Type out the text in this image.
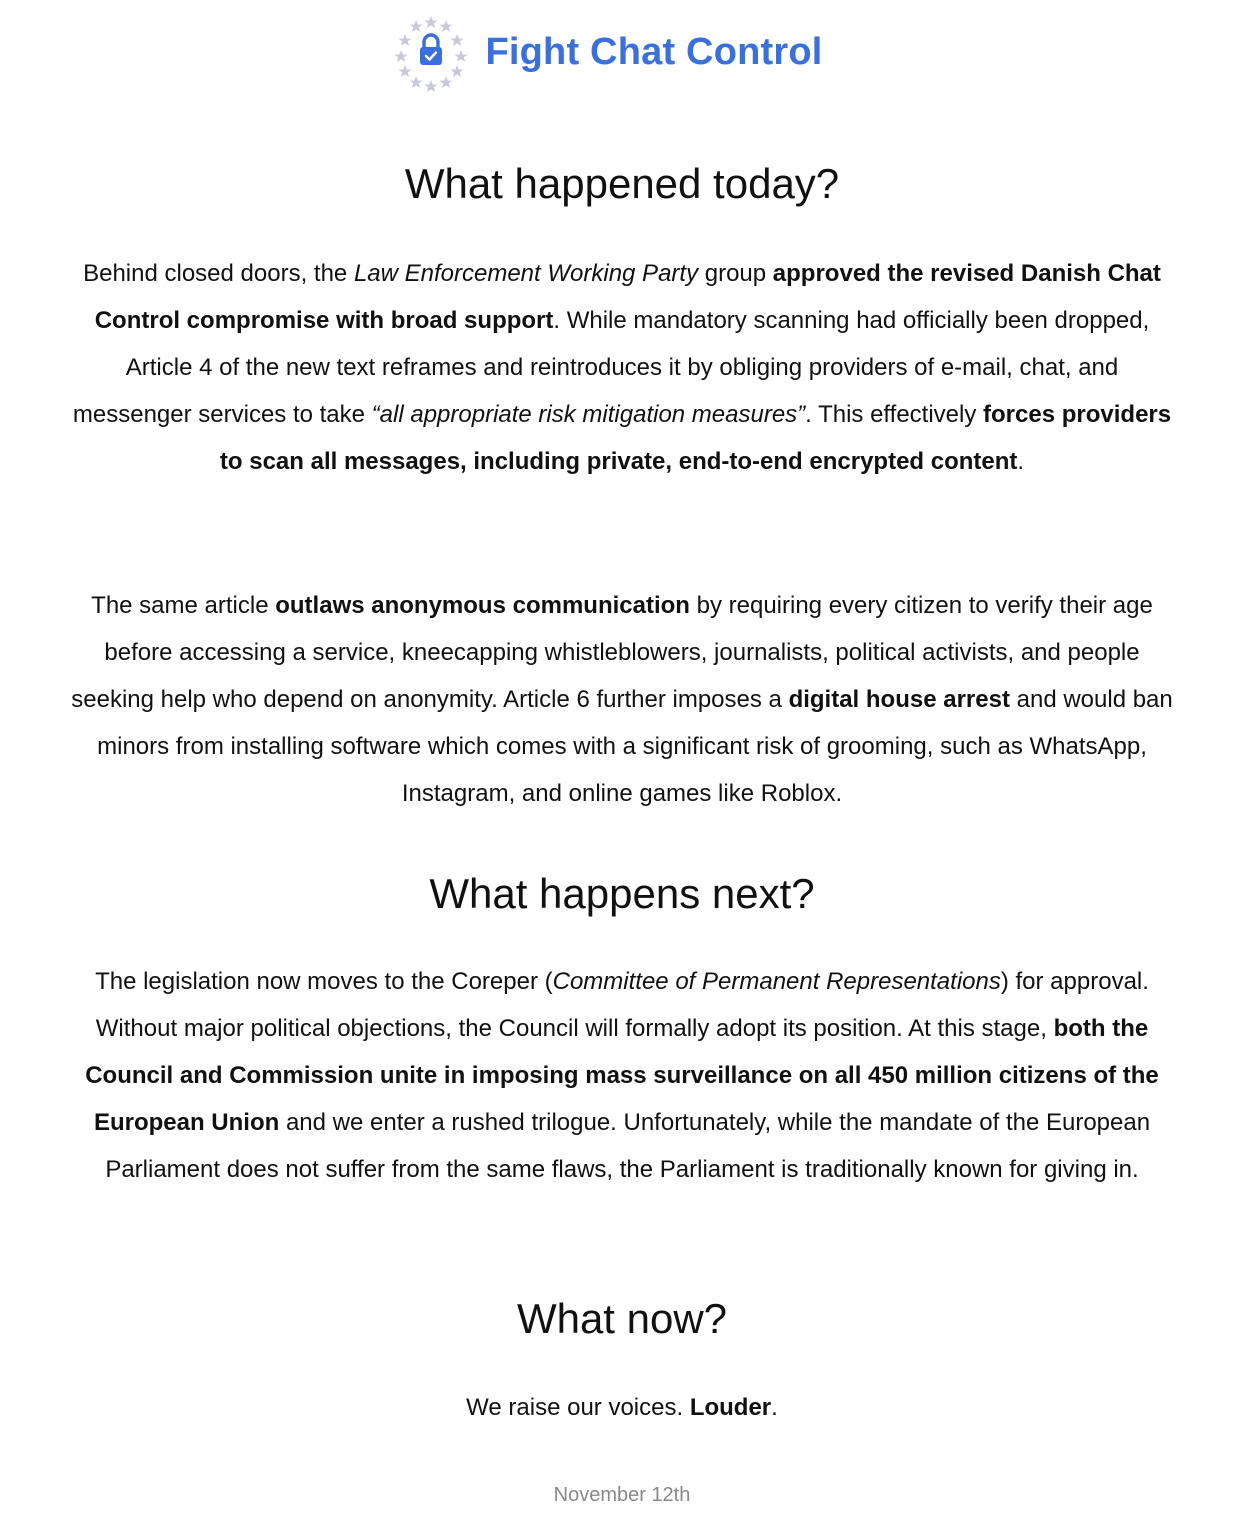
Fight Chat Control
What happened today?

Behind closed doors, the Law Enforcement Working Party group approved the revised Danish Chat Control compromise with broad support. While mandatory scanning had officially been dropped, Article 4 of the new text reframes and reintroduces it by obliging providers of e-mail, chat, and messenger services to take “all appropriate risk mitigation measures”. This effectively forces providers to scan all messages, including private, end-to-end encrypted content.

The same article outlaws anonymous communication by requiring every citizen to verify their age before accessing a service, kneecapping whistleblowers, journalists, political activists, and people seeking help who depend on anonymity. Article 6 further imposes a digital house arrest and would ban minors from installing software which comes with a significant risk of grooming, such as WhatsApp, Instagram, and online games like Roblox.

What happens next?

The legislation now moves to the Coreper (Committee of Permanent Representations) for approval. Without major political objections, the Council will formally adopt its position. At this stage, both the Council and Commission unite in imposing mass surveillance on all 450 million citizens of the European Union and we enter a rushed trilogue. Unfortunately, while the mandate of the European Parliament does not suffer from the same flaws, the Parliament is traditionally known for giving in.

What now?

We raise our voices. Louder.

November 12th
